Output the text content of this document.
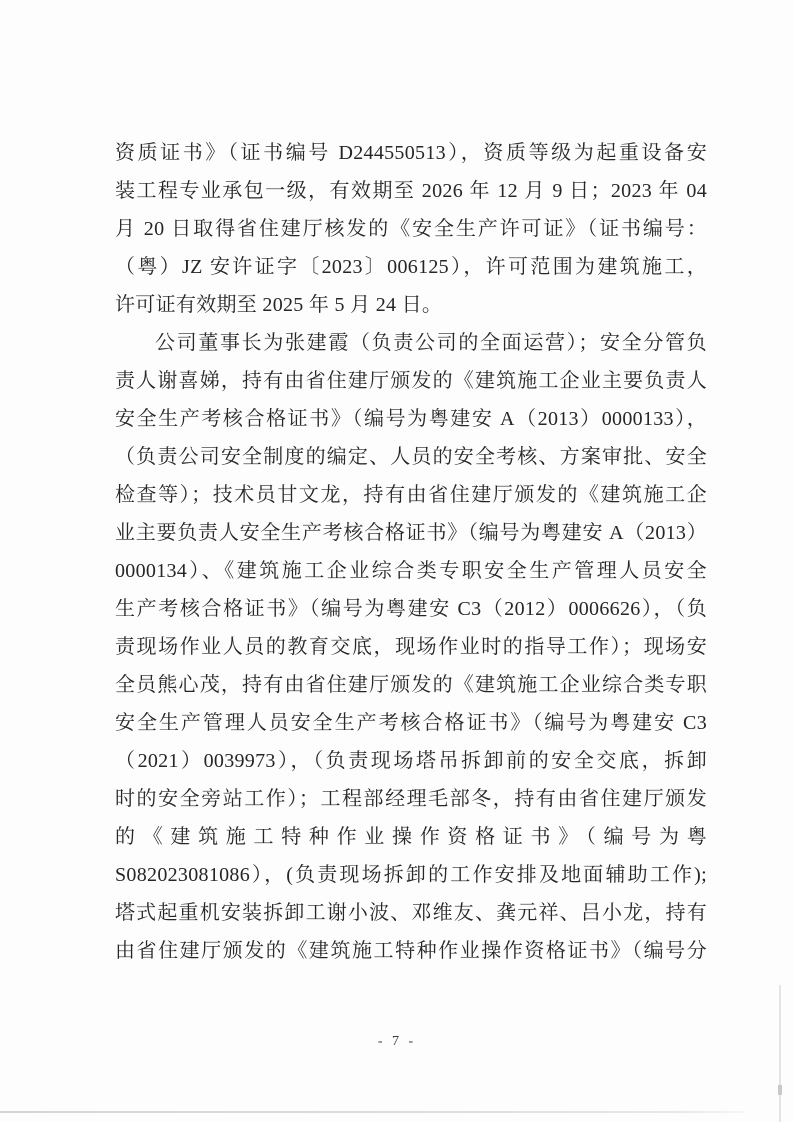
资质证书》（证书编号 D244550513），资质等级为起重设备安
装工程专业承包一级，有效期至 2026 年 12 月 9 日；2023 年 04
月 20 日取得省住建厅核发的《安全生产许可证》（证书编号：
（粤）JZ 安许证字〔2023〕006125），许可范围为建筑施工，
许可证有效期至 2025 年 5 月 24 日。
公司董事长为张建霞（负责公司的全面运营）；安全分管负
责人谢喜娣，持有由省住建厅颁发的《建筑施工企业主要负责人
安全生产考核合格证书》（编号为粤建安 A（2013）0000133），
（负责公司安全制度的编定、人员的安全考核、方案审批、安全
检查等）；技术员甘文龙，持有由省住建厅颁发的《建筑施工企
业主要负责人安全生产考核合格证书》（编号为粤建安 A（2013）
0000134）、《建筑施工企业综合类专职安全生产管理人员安全
生产考核合格证书》（编号为粤建安 C3（2012）0006626），（负
责现场作业人员的教育交底，现场作业时的指导工作）；现场安
全员熊心茂，持有由省住建厅颁发的《建筑施工企业综合类专职
安全生产管理人员安全生产考核合格证书》（编号为粤建安 C3
（2021）0039973），（负责现场塔吊拆卸前的安全交底，拆卸
时的安全旁站工作）；工程部经理毛部冬，持有由省住建厅颁发
的《建筑施工特种作业操作资格证书》（编号为粤
S082023081086），(负责现场拆卸的工作安排及地面辅助工作);
塔式起重机安装拆卸工谢小波、邓维友、龚元祥、吕小龙，持有
由省住建厅颁发的《建筑施工特种作业操作资格证书》（编号分
- 7 -
